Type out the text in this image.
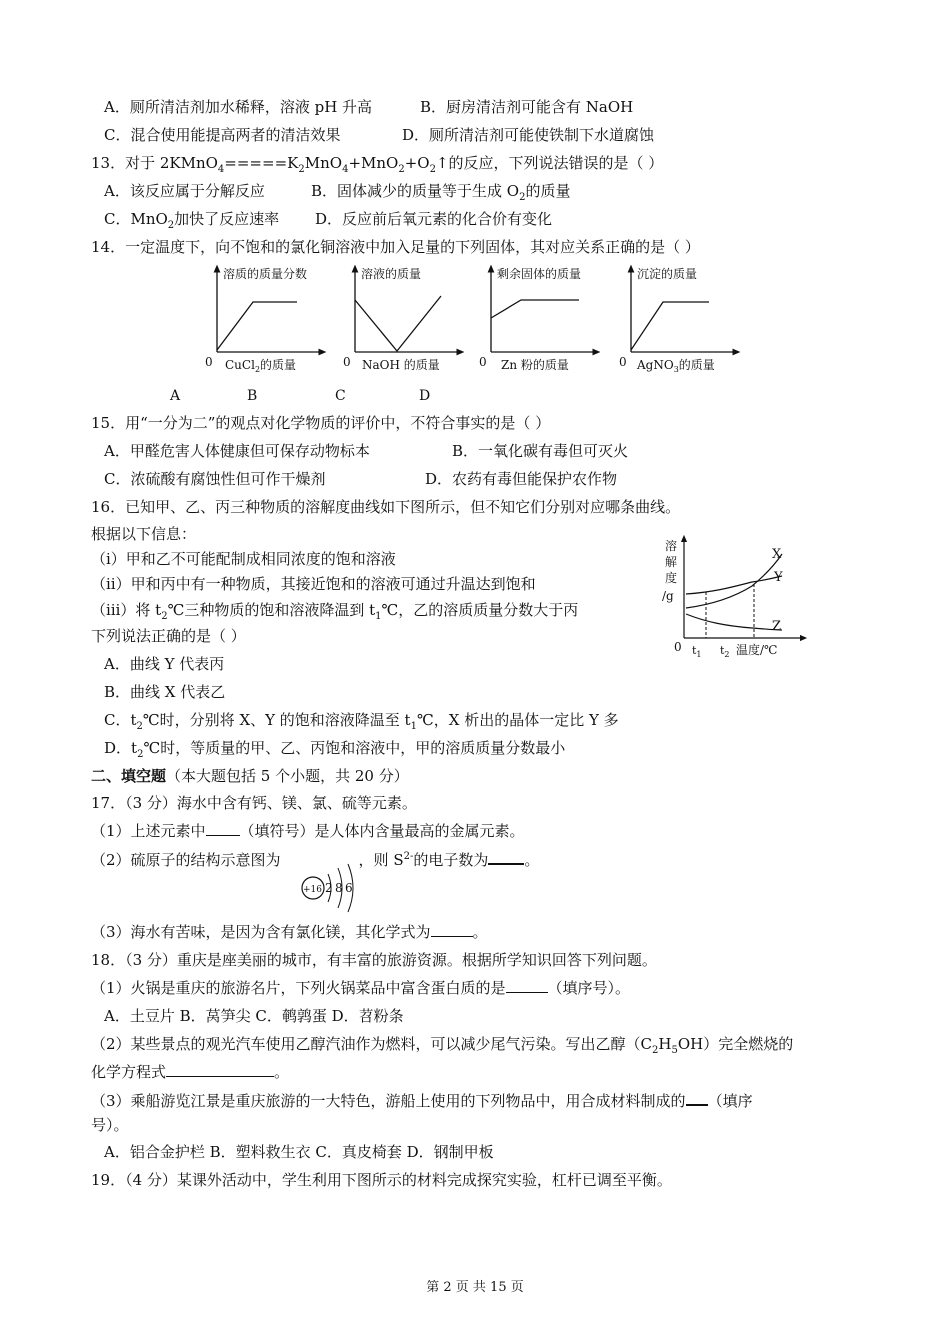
A．厕所清洁剂加水稀释，溶液 pH 升高	B．厨房清洁剂可能含有 NaOH
C．混合使用能提高两者的清洁效果	D．厕所清洁剂可能使铁制下水道腐蚀
13．对于 $2KMnO_4=====K_2MnO_4+MnO_2+O_2↑$的反应，下列说法错误的是（ ）
A．该反应属于分解反应	B．固体减少的质量等于生成 $O_2$的质量
C．MnO$_2$加快了反应速率 D．反应前后氧元素的化合价有变化
14．一定温度下，向不饱和的氯化铜溶液中加入足量的下列固体，其对应关系正确的是（ ）
溶质的质量分数
0 CuCl$_2$的质量
A
溶液的质量
0 NaOH 的质量
B
剩余固体的质量
0 Zn 粉的质量
C
沉淀的质量
0 AgNO$_3$的质量
D
15．用“一分为二”的观点对化学物质的评价中，不符合事实的是（ ）
A．甲醛危害人体健康但可保存动物标本	B．一氧化碳有毒但可灭火
C．浓硫酸有腐蚀性但可作干燥剂	D．农药有毒但能保护农作物
16．已知甲、乙、丙三种物质的溶解度曲线如下图所示，但不知它们分别对应哪条曲线。
根据以下信息：
（ⅰ）甲和乙不可能配制成相同浓度的饱和溶液
（ⅱ）甲和丙中有一种物质，其接近饱和的溶液可通过升温达到饱和
（ⅲ）将 $t_2℃$三种物质的饱和溶液降温到 $t_1℃$，乙的溶质质量分数大于丙
下列说法正确的是（ ）
A．曲线 Y 代表丙
B．曲线 X 代表乙
C．$t_2℃$时，分别将 X、Y 的饱和溶液降温至 $t_1℃$，X 析出的晶体一定比 Y 多
D．$t_2℃$时，等质量的甲、乙、丙饱和溶液中，甲的溶质质量分数最小
溶
解
度
/g
X
Y
Z
0 $t_1$ $t_2$ 温度/℃
二、填空题（本大题包括 5 个小题，共 20 分）
17．（3 分）海水中含有钙、镁、氯、硫等元素。
（1）上述元素中 （填符号）是人体内含量最高的金属元素。
（2）硫原子的结构示意图为	，则 $S^{2-}$的电子数为 。
+16 2 8 6
（3）海水有苦味，是因为含有氯化镁，其化学式为	。
18．（3 分）重庆是座美丽的城市，有丰富的旅游资源。根据所学知识回答下列问题。
（1）火锅是重庆的旅游名片，下列火锅菜品中富含蛋白质的是	（填序号）。
A．土豆片 B．莴笋尖 C．鹌鹑蛋 D．苕粉条
（2）某些景点的观光汽车使用乙醇汽油作为燃料，可以减少尾气污染。写出乙醇$(C_2H_5OH)$完全燃烧的
化学方程式	。
（3）乘船游览江景是重庆旅游的一大特色，游船上使用的下列物品中，用合成材料制成的 （填序
号）。
A．铝合金护栏 B．塑料救生衣 C．真皮椅套 D．钢制甲板
19．（4 分）某课外活动中，学生利用下图所示的材料完成探究实验，杠杆已调至平衡。
第 2 页 共 15 页
